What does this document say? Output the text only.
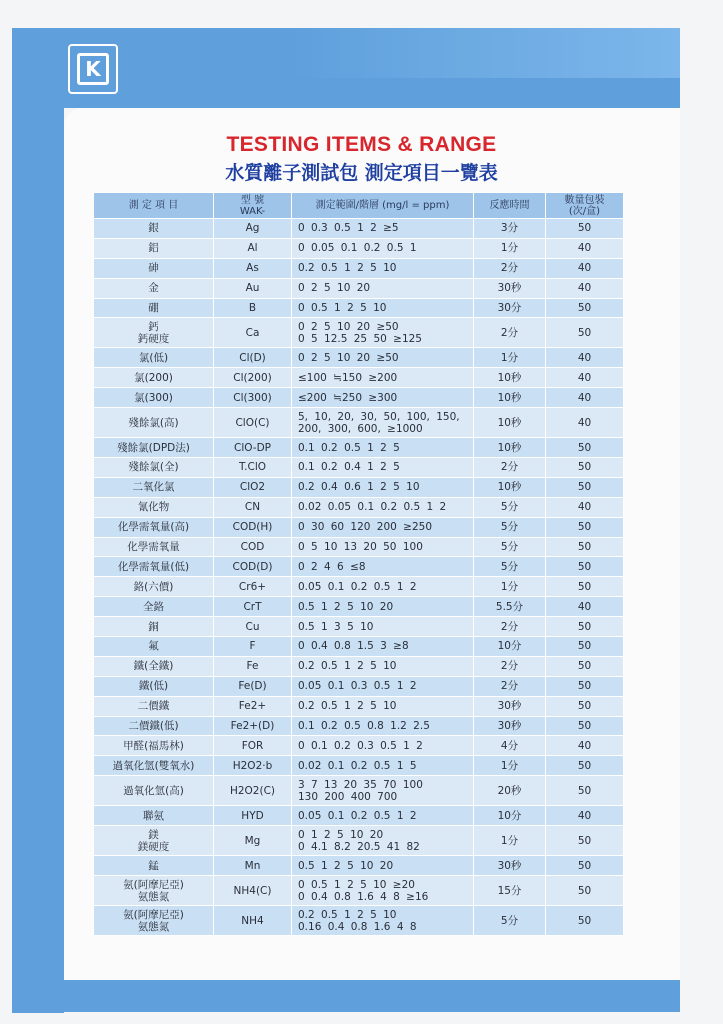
K
TESTING ITEMS & RANGE
水質離子測試包 測定項目一覽表
測 定 項 目	型 號
WAK-	測定範圍/階層 (mg/l = ppm)	反應時間	數量包裝
(次/盒)

銀	Ag	0 0.3 0.5 1 2 ≥5	3分	50
鋁	Al	0 0.05 0.1 0.2 0.5 1	1分	40
砷	As	0.2 0.5 1 2 5 10	2分	40
金	Au	0 2 5 10 20	30秒	40
硼	B	0 0.5 1 2 5 10	30分	50
鈣
鈣硬度	Ca	0 2 5 10 20 ≥50
0 5 12.5 25 50 ≥125	2分	50
氯(低)	Cl(D)	0 2 5 10 20 ≥50	1分	40
氯(200)	Cl(200)	≤100 ≒150 ≥200	10秒	40
氯(300)	Cl(300)	≤200 ≒250 ≥300	10秒	40
殘餘氯(高)	ClO(C)	5, 10, 20, 30, 50, 100, 150,
200, 300, 600, ≥1000	10秒	40
殘餘氯(DPD法)	ClO-DP	0.1 0.2 0.5 1 2 5	10秒	50
殘餘氯(全)	T.ClO	0.1 0.2 0.4 1 2 5	2分	50
二氧化氯	ClO2	0.2 0.4 0.6 1 2 5 10	10秒	50
氰化物	CN	0.02 0.05 0.1 0.2 0.5 1 2	5分	40
化學需氧量(高)	COD(H)	0 30 60 120 200 ≥250	5分	50
化學需氧量	COD	0 5 10 13 20 50 100	5分	50
化學需氧量(低)	COD(D)	0 2 4 6 ≤8	5分	50
鉻(六價)	Cr6+	0.05 0.1 0.2 0.5 1 2	1分	50
全鉻	CrT	0.5 1 2 5 10 20	5.5分	40
銅	Cu	0.5 1 3 5 10	2分	50
氟	F	0 0.4 0.8 1.5 3 ≥8	10分	50
鐵(全鐵)	Fe	0.2 0.5 1 2 5 10	2分	50
鐵(低)	Fe(D)	0.05 0.1 0.3 0.5 1 2	2分	50
二價鐵	Fe2+	0.2 0.5 1 2 5 10	30秒	50
二價鐵(低)	Fe2+(D)	0.1 0.2 0.5 0.8 1.2 2.5	30秒	50
甲醛(福馬林)	FOR	0 0.1 0.2 0.3 0.5 1 2	4分	40
過氧化氫(雙氧水)	H2O2·b	0.02 0.1 0.2 0.5 1 5	1分	50
過氧化氫(高)	H2O2(C)	3 7 13 20 35 70 100
130 200 400 700	20秒	50
聯氨	HYD	0.05 0.1 0.2 0.5 1 2	10分	40
鎂
鎂硬度	Mg	0 1 2 5 10 20
0 4.1 8.2 20.5 41 82	1分	50
錳	Mn	0.5 1 2 5 10 20	30秒	50
氨(阿摩尼亞)
氨態氮	NH4(C)	0 0.5 1 2 5 10 ≥20
0 0.4 0.8 1.6 4 8 ≥16	15分	50
氨(阿摩尼亞)
氨態氮	NH4	0.2 0.5 1 2 5 10
0.16 0.4 0.8 1.6 4 8	5分	50
